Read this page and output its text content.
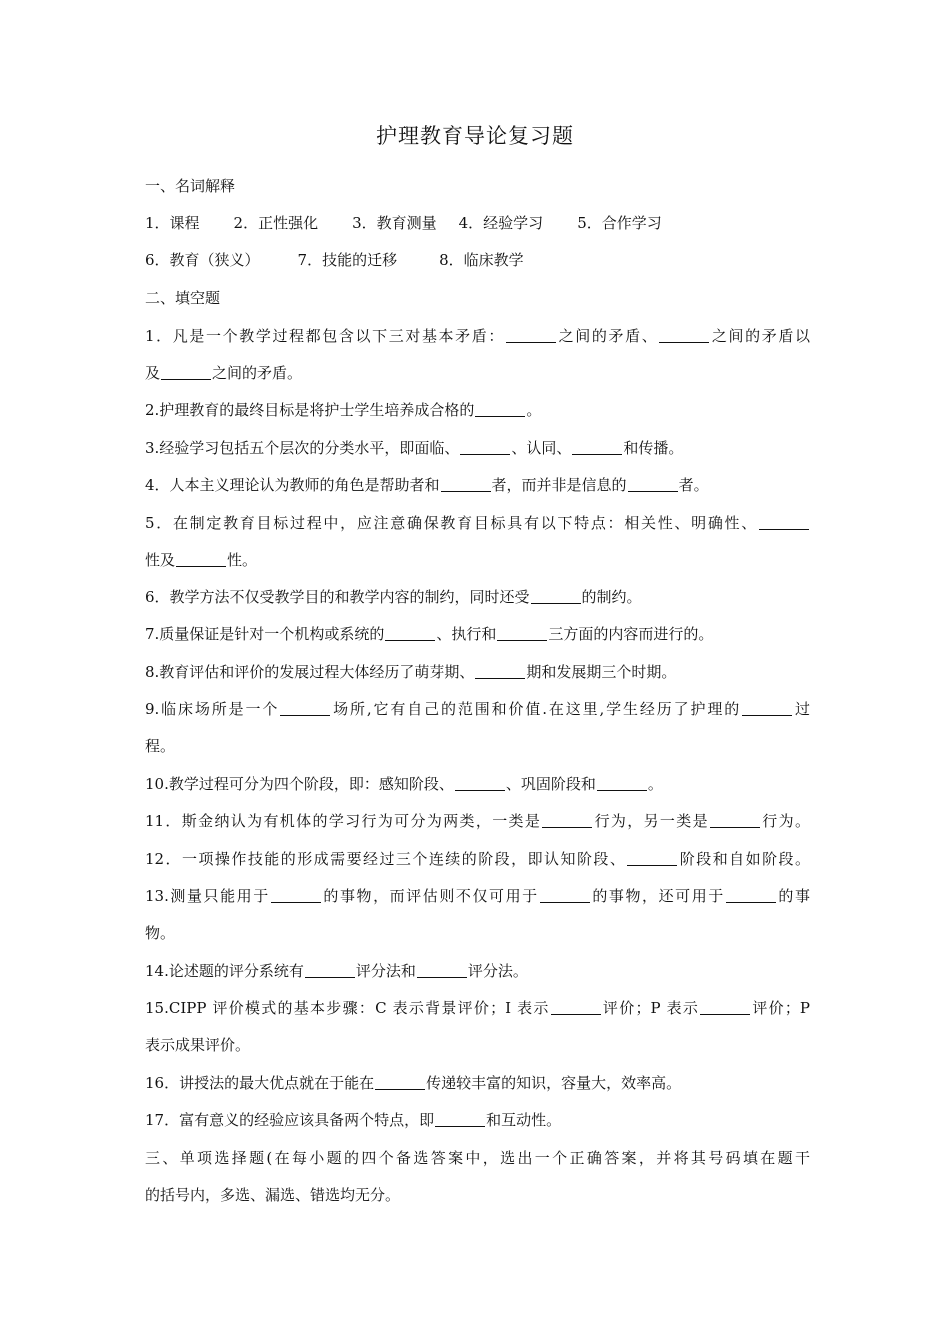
护理教育导论复习题
一、名词解释
1．课程 2．正性强化 3．教育测量 4．经验学习 5．合作学习
6．教育（狭义）	7．技能的迁移	8．临床教学
二、填空题
1．凡是一个教学过程都包含以下三对基本矛盾：	之间的矛盾、	之间的矛盾以
及	之间的矛盾。
2.护理教育的最终目标是将护士学生培养成合格的	。
3.经验学习包括五个层次的分类水平，即面临、	、认同、	和传播。
4．人本主义理论认为教师的角色是帮助者和	者，而并非是信息的	者。
5．在制定教育目标过程中，应注意确保教育目标具有以下特点：相关性、明确性、
性及	性。
6．教学方法不仅受教学目的和教学内容的制约，同时还受	的制约。
7.质量保证是针对一个机构或系统的	、执行和	三方面的内容而进行的。
8.教育评估和评价的发展过程大体经历了萌芽期、	期和发展期三个时期。
9.临床场所是一个	场所,它有自己的范围和价值.在这里,学生经历了护理的	过
程。
10.教学过程可分为四个阶段，即：感知阶段、	、巩固阶段和	。
11．斯金纳认为有机体的学习行为可分为两类，一类是	行为，另一类是	行为。
12．一项操作技能的形成需要经过三个连续的阶段，即认知阶段、	阶段和自如阶段。
13.测量只能用于	的事物，而评估则不仅可用于	的事物，还可用于	的事
物。
14.论述题的评分系统有	评分法和	评分法。
15.CIPP 评价模式的基本步骤：C 表示背景评价；I 表示	评价；P 表示	评价；P
表示成果评价。
16．讲授法的最大优点就在于能在	传递较丰富的知识，容量大，效率高。
17．富有意义的经验应该具备两个特点，即	和互动性。
三、单项选择题(在每小题的四个备选答案中，选出一个正确答案，并将其号码填在题干
的括号内，多选、漏选、错选均无分。
